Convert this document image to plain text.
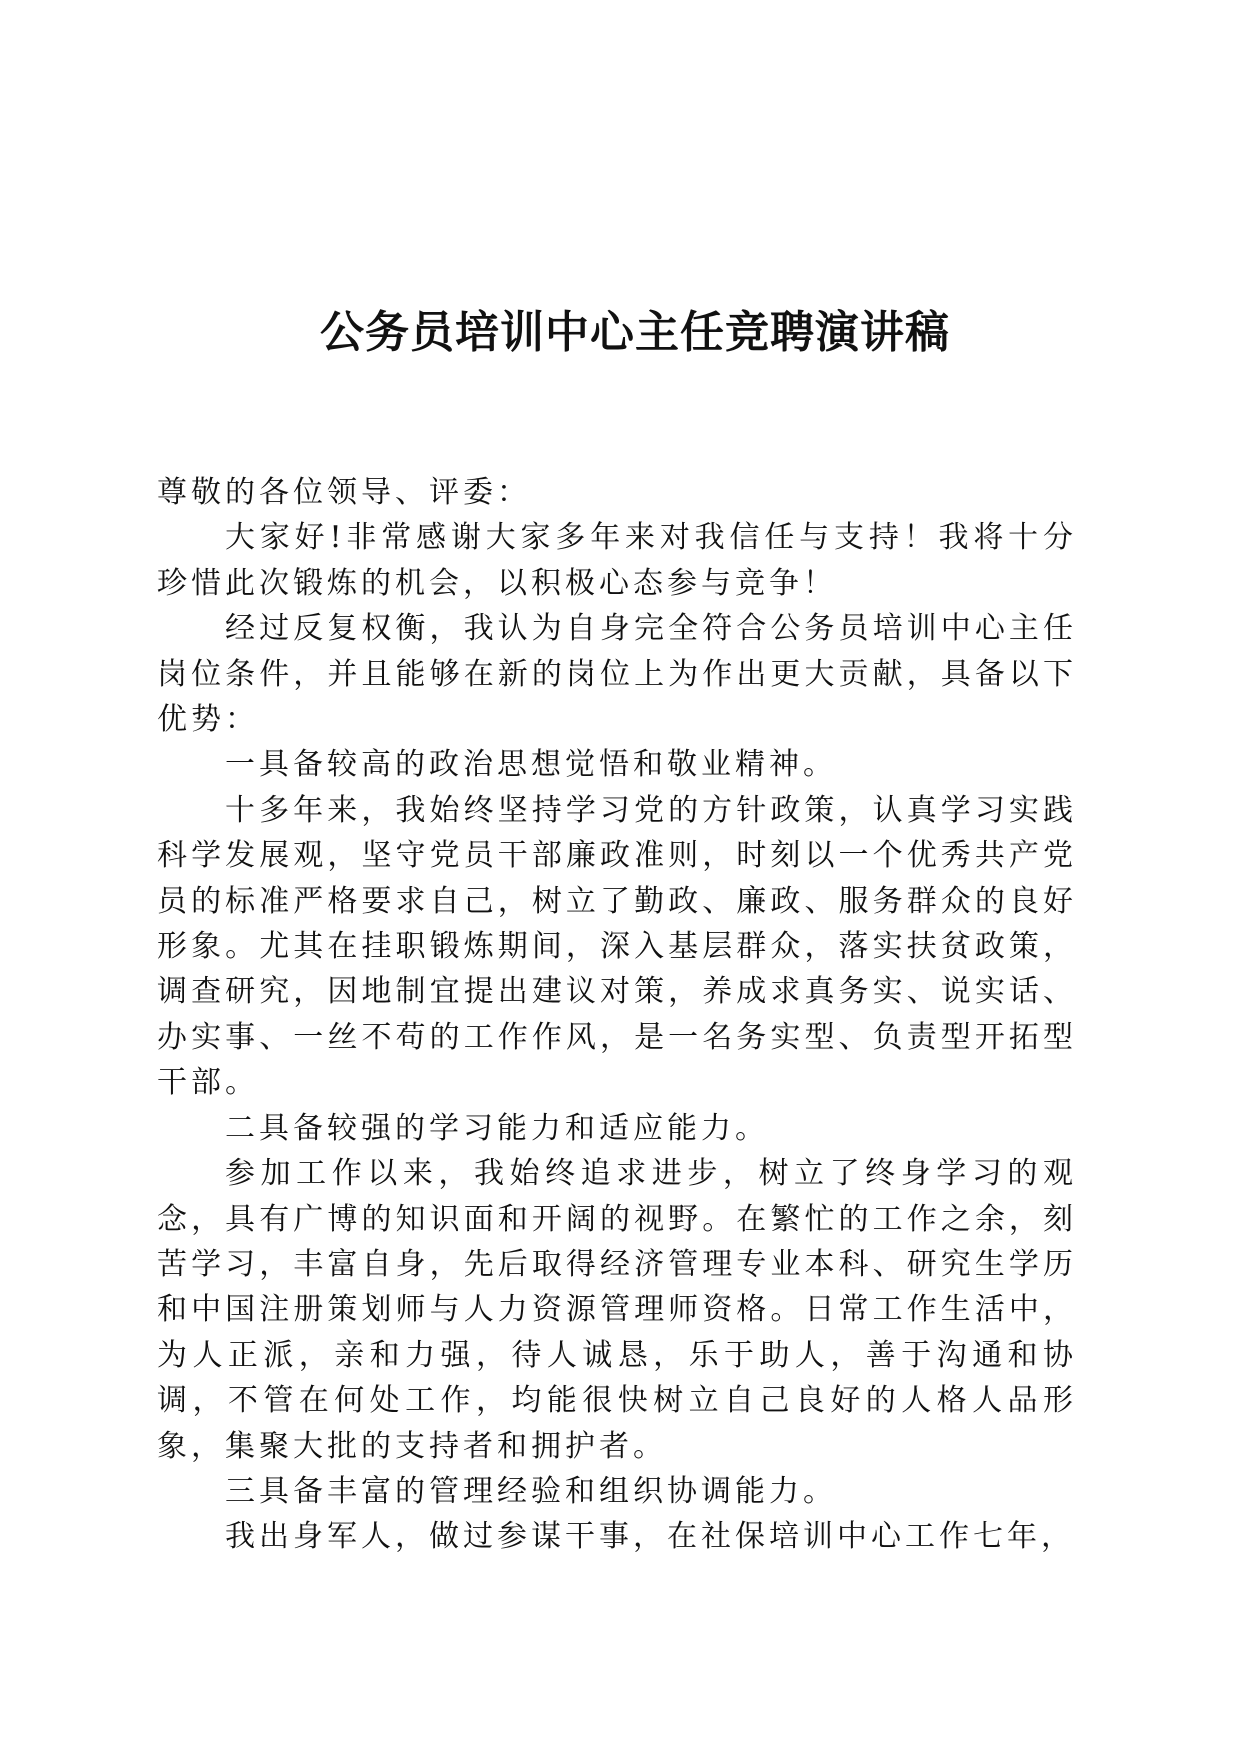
公务员培训中心主任竞聘演讲稿

尊敬的各位领导、评委：

大家好!非常感谢大家多年来对我信任与支持！我将十分珍惜此次锻炼的机会，以积极心态参与竞争！

经过反复权衡，我认为自身完全符合公务员培训中心主任岗位条件，并且能够在新的岗位上为作出更大贡献，具备以下优势：

一具备较高的政治思想觉悟和敬业精神。

十多年来，我始终坚持学习党的方针政策，认真学习实践科学发展观，坚守党员干部廉政准则，时刻以一个优秀共产党员的标准严格要求自己，树立了勤政、廉政、服务群众的良好形象。尤其在挂职锻炼期间，深入基层群众，落实扶贫政策，调查研究，因地制宜提出建议对策，养成求真务实、说实话、办实事、一丝不苟的工作作风，是一名务实型、负责型开拓型干部。

二具备较强的学习能力和适应能力。

参加工作以来，我始终追求进步，树立了终身学习的观念，具有广博的知识面和开阔的视野。在繁忙的工作之余，刻苦学习，丰富自身，先后取得经济管理专业本科、研究生学历和中国注册策划师与人力资源管理师资格。日常工作生活中，为人正派，亲和力强，待人诚恳，乐于助人，善于沟通和协调，不管在何处工作，均能很快树立自己良好的人格人品形象，集聚大批的支持者和拥护者。

三具备丰富的管理经验和组织协调能力。

我出身军人，做过参谋干事，在社保培训中心工作七年，
